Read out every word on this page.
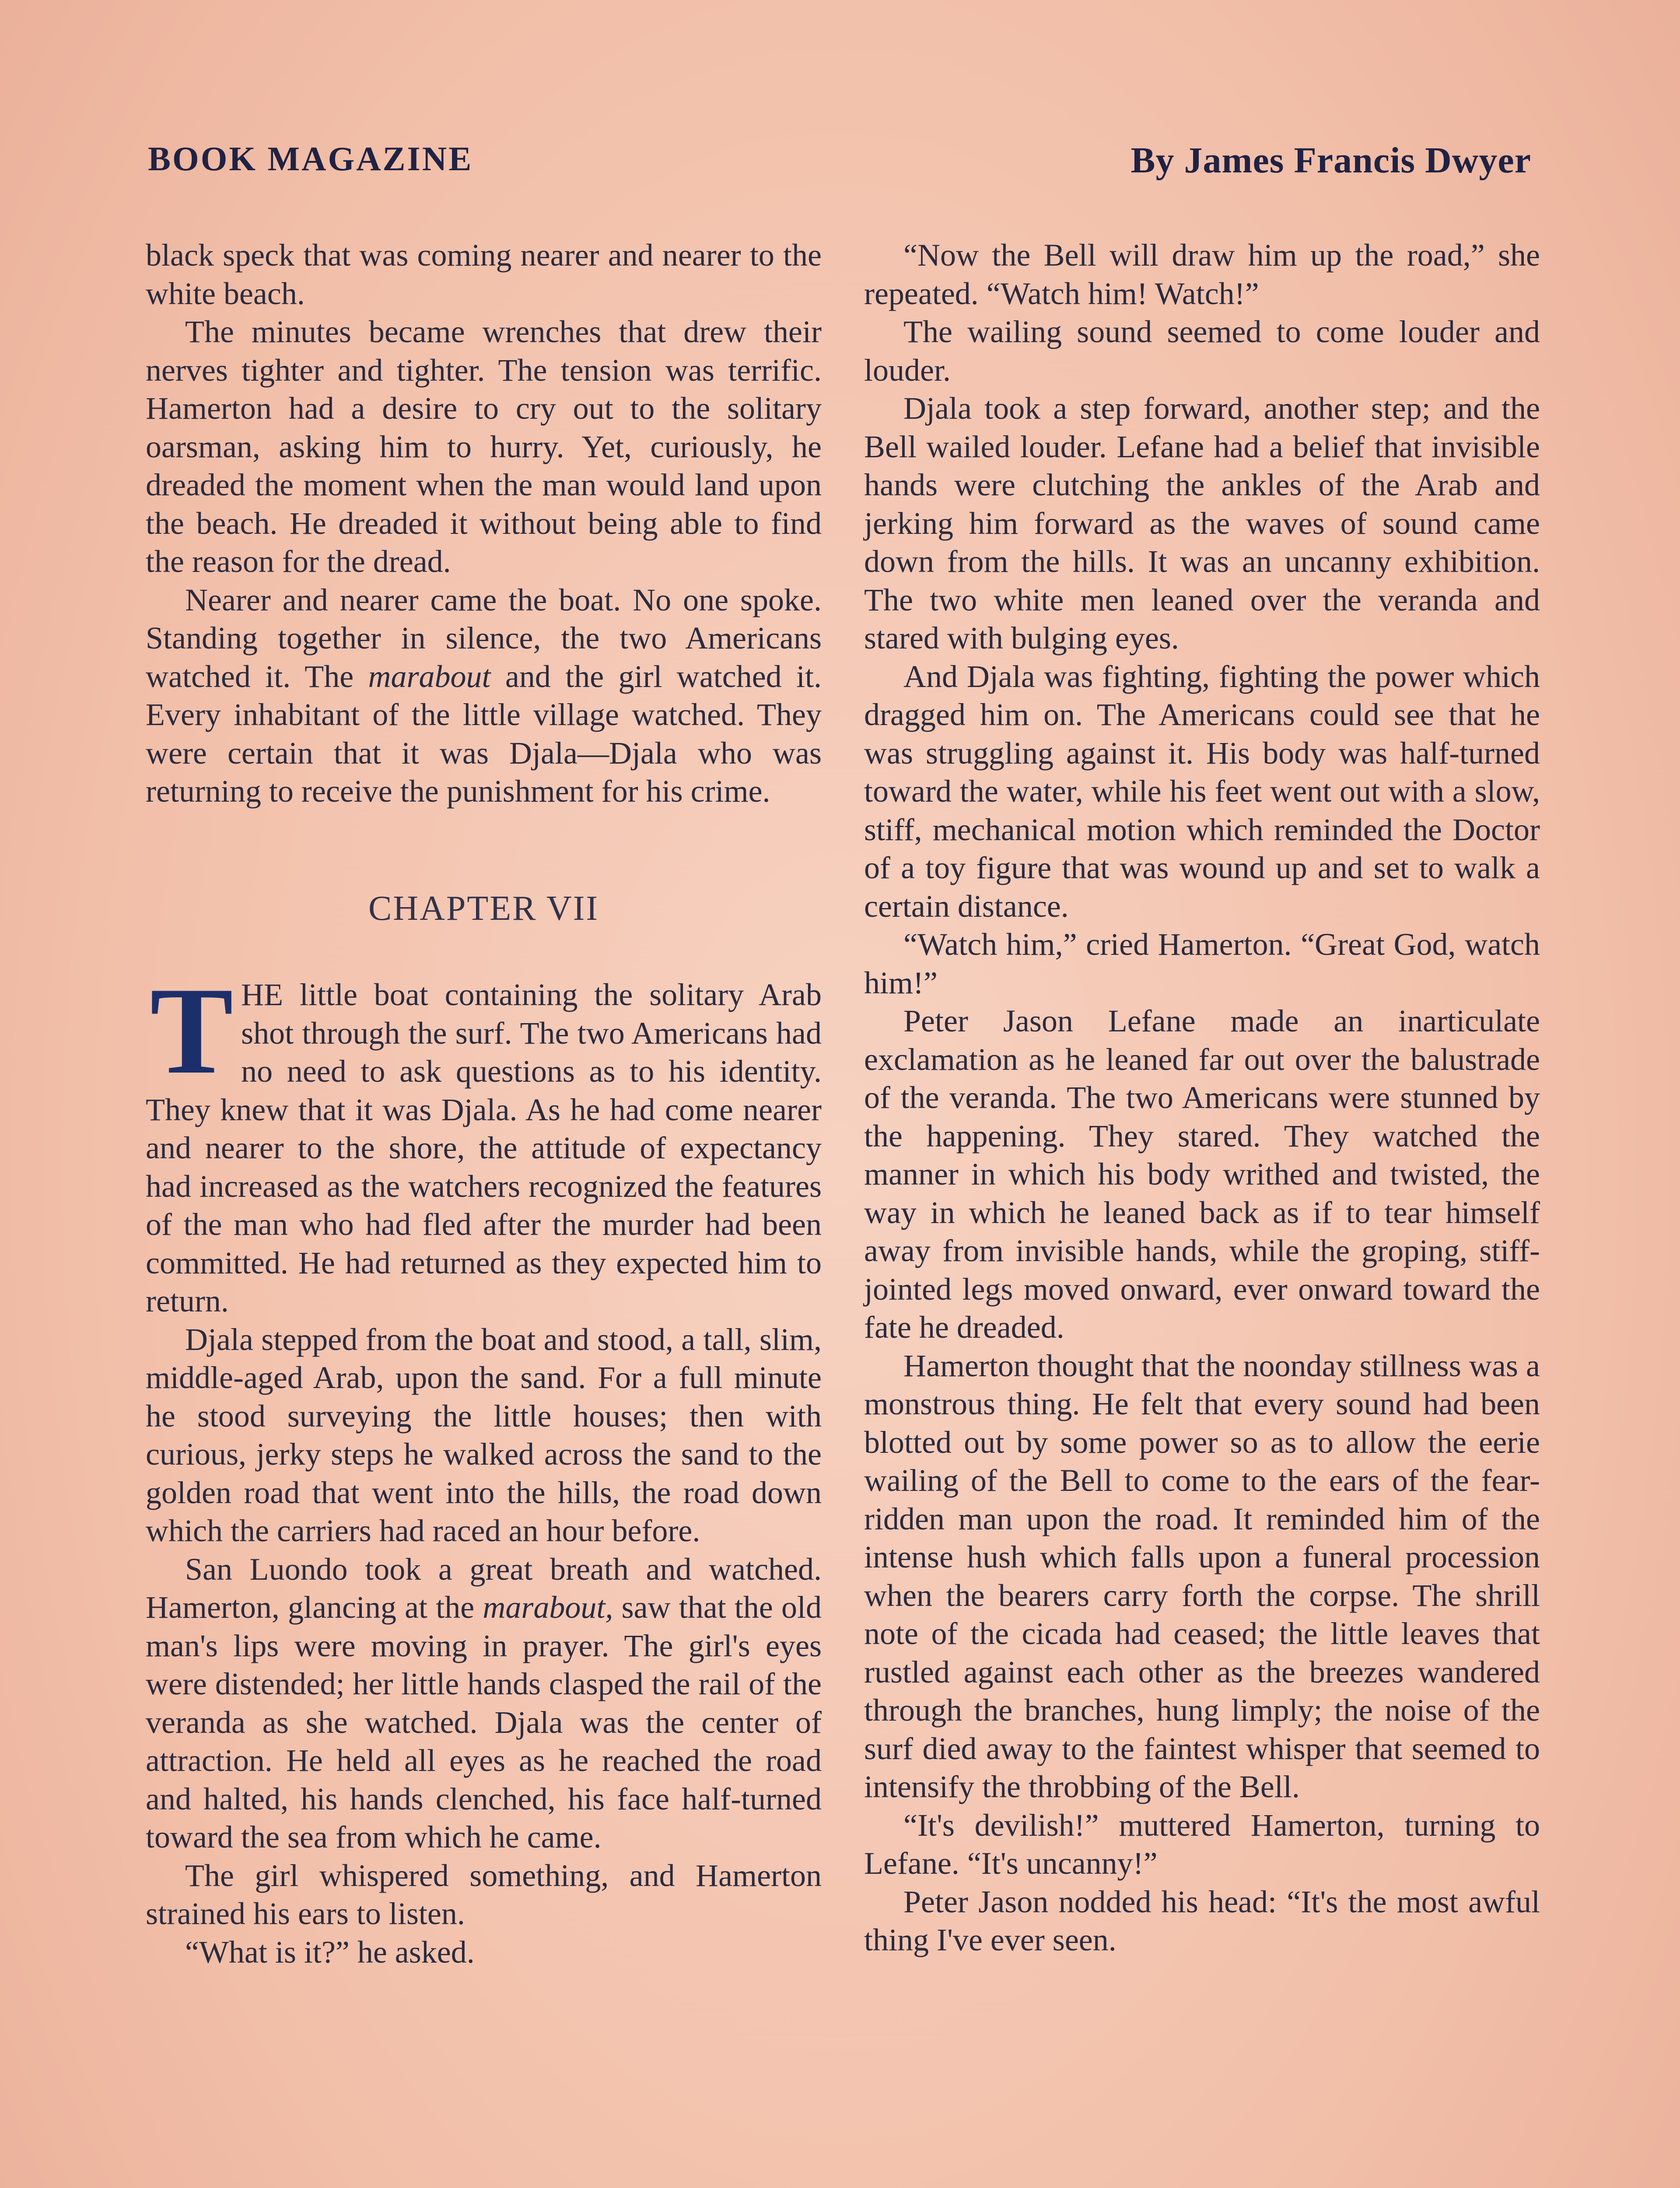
BOOK MAGAZINE	By James Francis Dwyer

black speck that was coming nearer and nearer to the white beach.

The minutes became wrenches that drew their nerves tighter and tighter. The tension was terrific. Hamerton had a desire to cry out to the solitary oarsman, asking him to hurry. Yet, curiously, he dreaded the moment when the man would land upon the beach. He dreaded it without being able to find the reason for the dread.

Nearer and nearer came the boat. No one spoke. Standing together in silence, the two Americans watched it. The marabout and the girl watched it. Every inhabitant of the little village watched. They were certain that it was Djala—Djala who was returning to receive the punishment for his crime.

CHAPTER VII

THE little boat containing the solitary Arab shot through the surf. The two Americans had no need to ask questions as to his identity. They knew that it was Djala. As he had come nearer and nearer to the shore, the attitude of expectancy had increased as the watchers recognized the features of the man who had fled after the murder had been committed. He had returned as they expected him to return.

Djala stepped from the boat and stood, a tall, slim, middle-aged Arab, upon the sand. For a full minute he stood surveying the little houses; then with curious, jerky steps he walked across the sand to the golden road that went into the hills, the road down which the carriers had raced an hour before.

San Luondo took a great breath and watched. Hamerton, glancing at the marabout, saw that the old man's lips were moving in prayer. The girl's eyes were distended; her little hands clasped the rail of the veranda as she watched. Djala was the center of attraction. He held all eyes as he reached the road and halted, his hands clenched, his face half-turned toward the sea from which he came.

The girl whispered something, and Hamerton strained his ears to listen.

“What is it?” he asked.

“Now the Bell will draw him up the road,” she repeated. “Watch him! Watch!”

The wailing sound seemed to come louder and louder.

Djala took a step forward, another step; and the Bell wailed louder. Lefane had a belief that invisible hands were clutching the ankles of the Arab and jerking him forward as the waves of sound came down from the hills. It was an uncanny exhibition. The two white men leaned over the veranda and stared with bulging eyes.

And Djala was fighting, fighting the power which dragged him on. The Americans could see that he was struggling against it. His body was half-turned toward the water, while his feet went out with a slow, stiff, mechanical motion which reminded the Doctor of a toy figure that was wound up and set to walk a certain distance.

“Watch him,” cried Hamerton. “Great God, watch him!”

Peter Jason Lefane made an inarticulate exclamation as he leaned far out over the balustrade of the veranda. The two Americans were stunned by the happening. They stared. They watched the manner in which his body writhed and twisted, the way in which he leaned back as if to tear himself away from invisible hands, while the groping, stiff-jointed legs moved onward, ever onward toward the fate he dreaded.

Hamerton thought that the noonday stillness was a monstrous thing. He felt that every sound had been blotted out by some power so as to allow the eerie wailing of the Bell to come to the ears of the fear-ridden man upon the road. It reminded him of the intense hush which falls upon a funeral procession when the bearers carry forth the corpse. The shrill note of the cicada had ceased; the little leaves that rustled against each other as the breezes wandered through the branches, hung limply; the noise of the surf died away to the faintest whisper that seemed to intensify the throbbing of the Bell.

“It's devilish!” muttered Hamerton, turning to Lefane. “It's uncanny!”

Peter Jason nodded his head: “It's the most awful thing I've ever seen.
